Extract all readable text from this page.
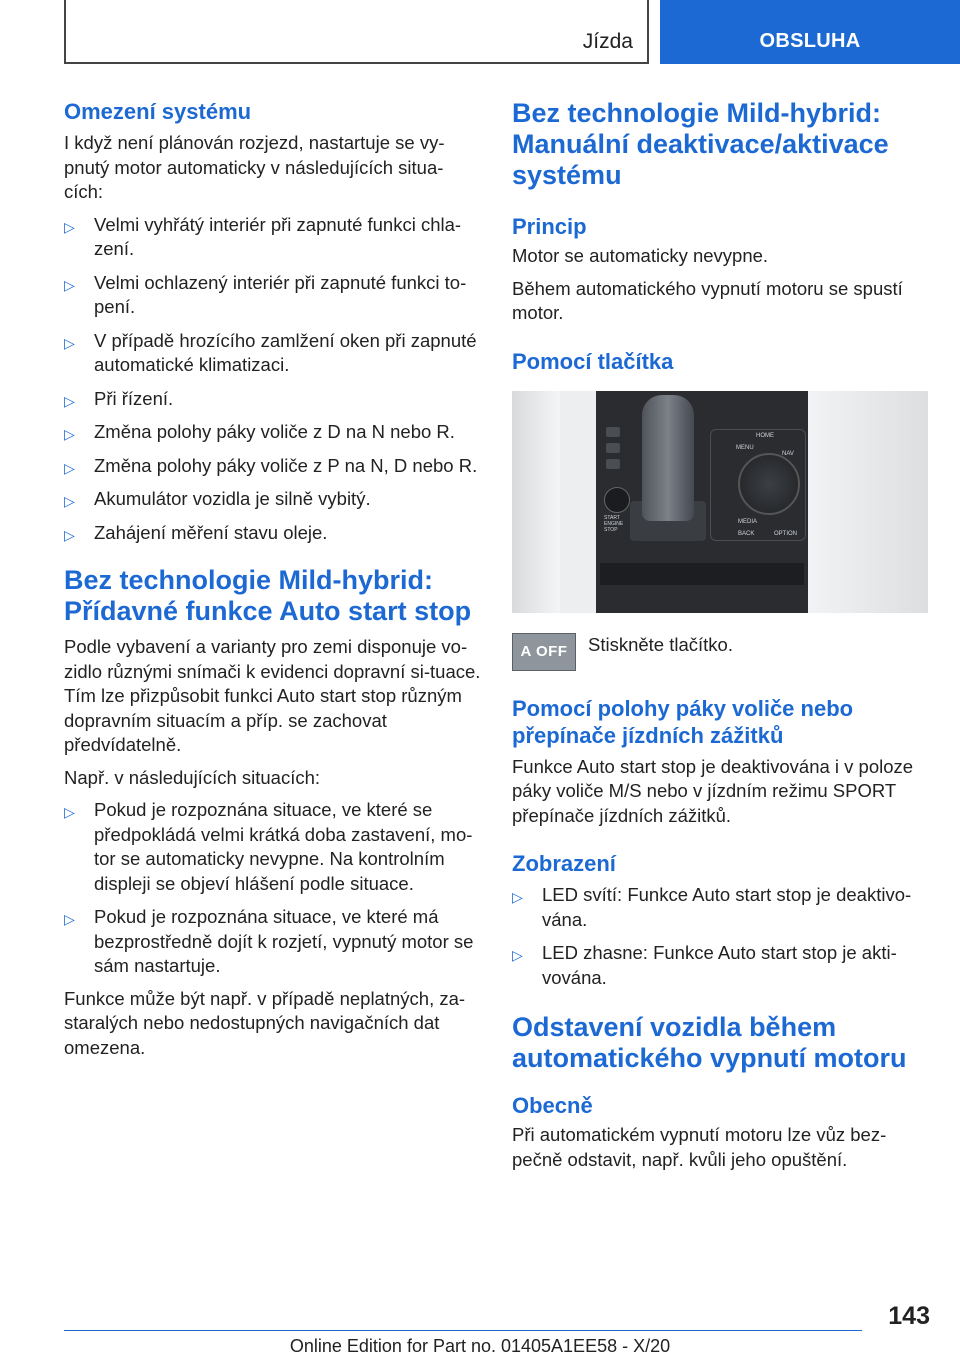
Jízda	OBSLUHA
Omezení systému

I když není plánován rozjezd, nastartuje se vy-pnutý motor automaticky v následujících situa-cích:

▷ Velmi vyhřátý interiér při zapnuté funkci chla-zení.
▷ Velmi ochlazený interiér při zapnuté funkci to-pení.
▷ V případě hrozícího zamlžení oken při zapnuté automatické klimatizaci.
▷ Při řízení.
▷ Změna polohy páky voliče z D na N nebo R.
▷ Změna polohy páky voliče z P na N, D nebo R.
▷ Akumulátor vozidla je silně vybitý.
▷ Zahájení měření stavu oleje.
Bez technologie Mild-hybrid: Přídavné funkce Auto start stop

Podle vybavení a varianty pro zemi disponuje vo-zidlo různými snímači k evidenci dopravní si-tuace. Tím lze přizpůsobit funkci Auto start stop různým dopravním situacím a příp. se zachovat předvídatelně.

Např. v následujících situacích:

▷ Pokud je rozpoznána situace, ve které se předpokládá velmi krátká doba zastavení, mo-tor se automaticky nevypne. Na kontrolním displeji se objeví hlášení podle situace.
▷ Pokud je rozpoznána situace, ve které má bezprostředně dojít k rozjetí, vypnutý motor se sám nastartuje.

Funkce může být např. v případě neplatných, za-staralých nebo nedostupných navigačních dat omezena.

Bez technologie Mild-hybrid: Manuální deaktivace/aktivace systému
Princip

Motor se automaticky nevypne.

Během automatického vypnutí motoru se spustí motor.

Pomocí tlačítka
HOME
MENU
MEDIA
NAV
BACK	OPTION
START ENGINE STOP
A OFF Stiskněte tlačítko.

Pomocí polohy páky voliče nebo přepínače jízdních zážitků

Funkce Auto start stop je deaktivována i v poloze páky voliče M/S nebo v jízdním režimu SPORT přepínače jízdních zážitků.

Zobrazení
▷ LED svítí: Funkce Auto start stop je deaktivo-vána.
▷ LED zhasne: Funkce Auto start stop je akti-vována.
Odstavení vozidla během automatického vypnutí motoru
Obecně

Při automatickém vypnutí motoru lze vůz bez-pečně odstavit, např. kvůli jeho opuštění.

143
Online Edition for Part no. 01405A1EE58 - X/20
